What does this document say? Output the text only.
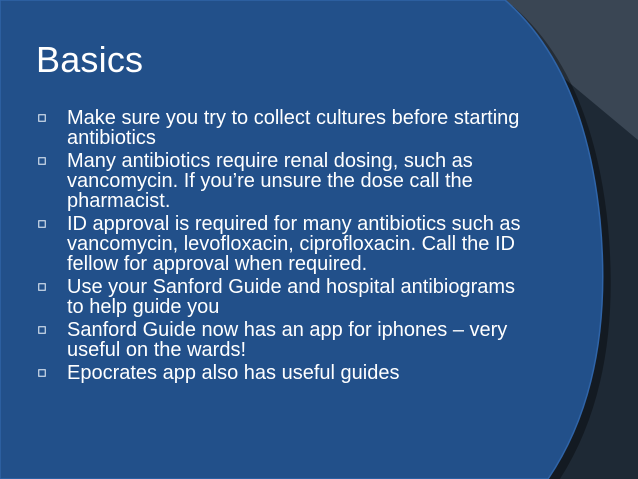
Basics
Make sure you try to collect cultures before starting antibiotics
Many antibiotics require renal dosing, such as vancomycin. If you’re unsure the dose call the pharmacist.
ID approval is required for many antibiotics such as vancomycin, levofloxacin, ciprofloxacin. Call the ID fellow for approval when required.
Use your Sanford Guide and hospital antibiograms to help guide you
Sanford Guide now has an app for iphones – very useful on the wards!
Epocrates app also has useful guides
